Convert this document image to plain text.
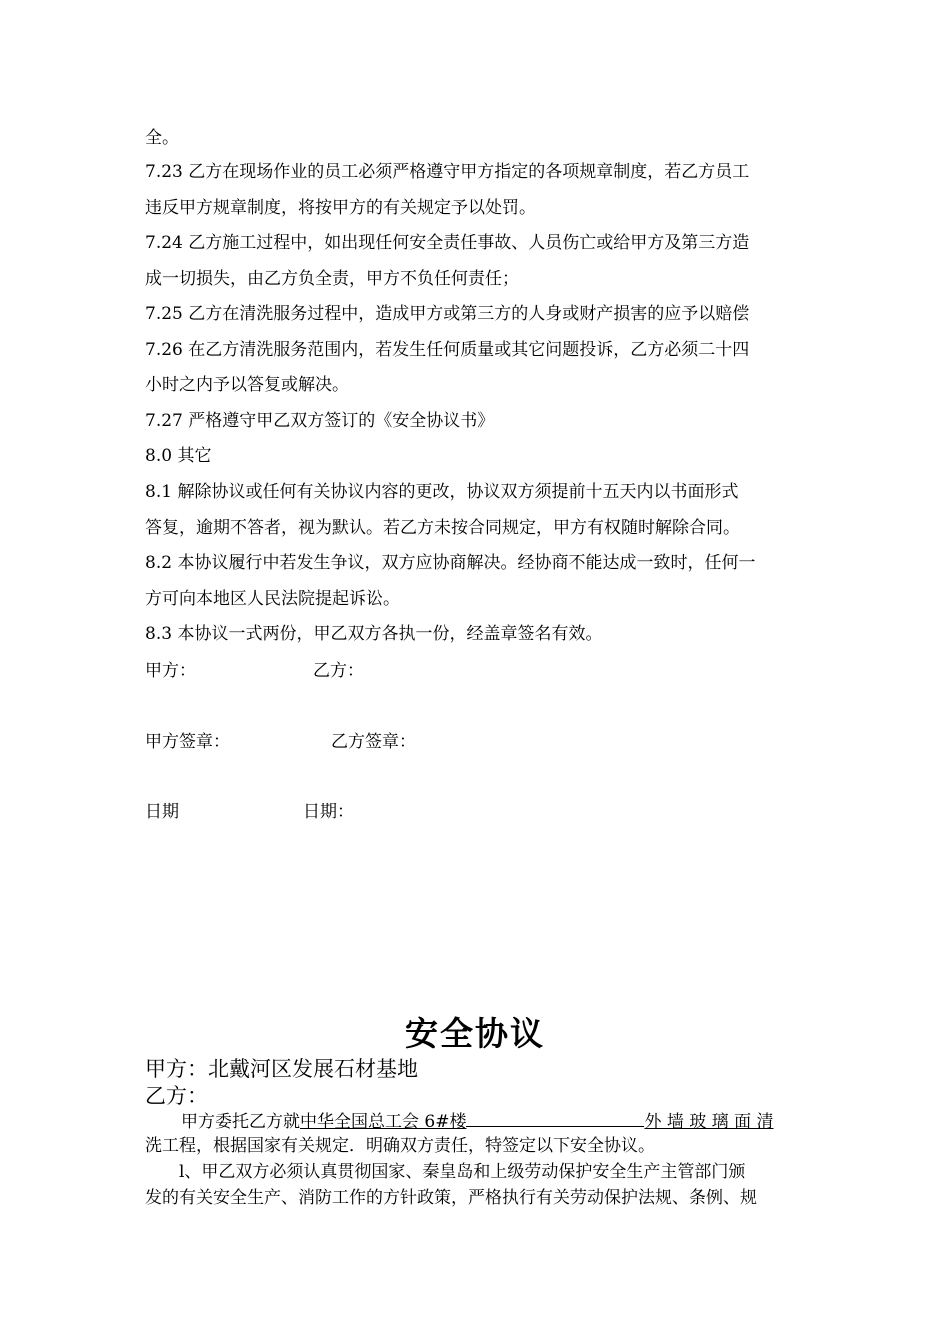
全。
7.23 乙方在现场作业的员工必须严格遵守甲方指定的各项规章制度，若乙方员工
违反甲方规章制度，将按甲方的有关规定予以处罚。
7.24 乙方施工过程中，如出现任何安全责任事故、人员伤亡或给甲方及第三方造
成一切损失，由乙方负全责，甲方不负任何责任；
7.25 乙方在清洗服务过程中，造成甲方或第三方的人身或财产损害的应予以赔偿
7.26 在乙方清洗服务范围内，若发生任何质量或其它问题投诉，乙方必须二十四
小时之内予以答复或解决。
7.27 严格遵守甲乙双方签订的《安全协议书》
8.0 其它
8.1 解除协议或任何有关协议内容的更改，协议双方须提前十五天内以书面形式
答复，逾期不答者，视为默认。若乙方未按合同规定，甲方有权随时解除合同。
8.2 本协议履行中若发生争议，双方应协商解决。经协商不能达成一致时，任何一
方可向本地区人民法院提起诉讼。
8.3 本协议一式两份，甲乙双方各执一份，经盖章签名有效。
甲方：	乙方：
甲方签章：	乙方签章：
日期	日期：
安全协议
甲方：北戴河区发展石材基地
乙方：
甲方委托乙方就中华全国总工会 6#楼	外 墙 玻 璃 面 清
洗工程，根据国家有关规定．明确双方责任，特签定以下安全协议。
l、甲乙双方必须认真贯彻国家、秦皇岛和上级劳动保护安全生产主管部门颁
发的有关安全生产、消防工作的方针政策，严格执行有关劳动保护法规、条例、规
